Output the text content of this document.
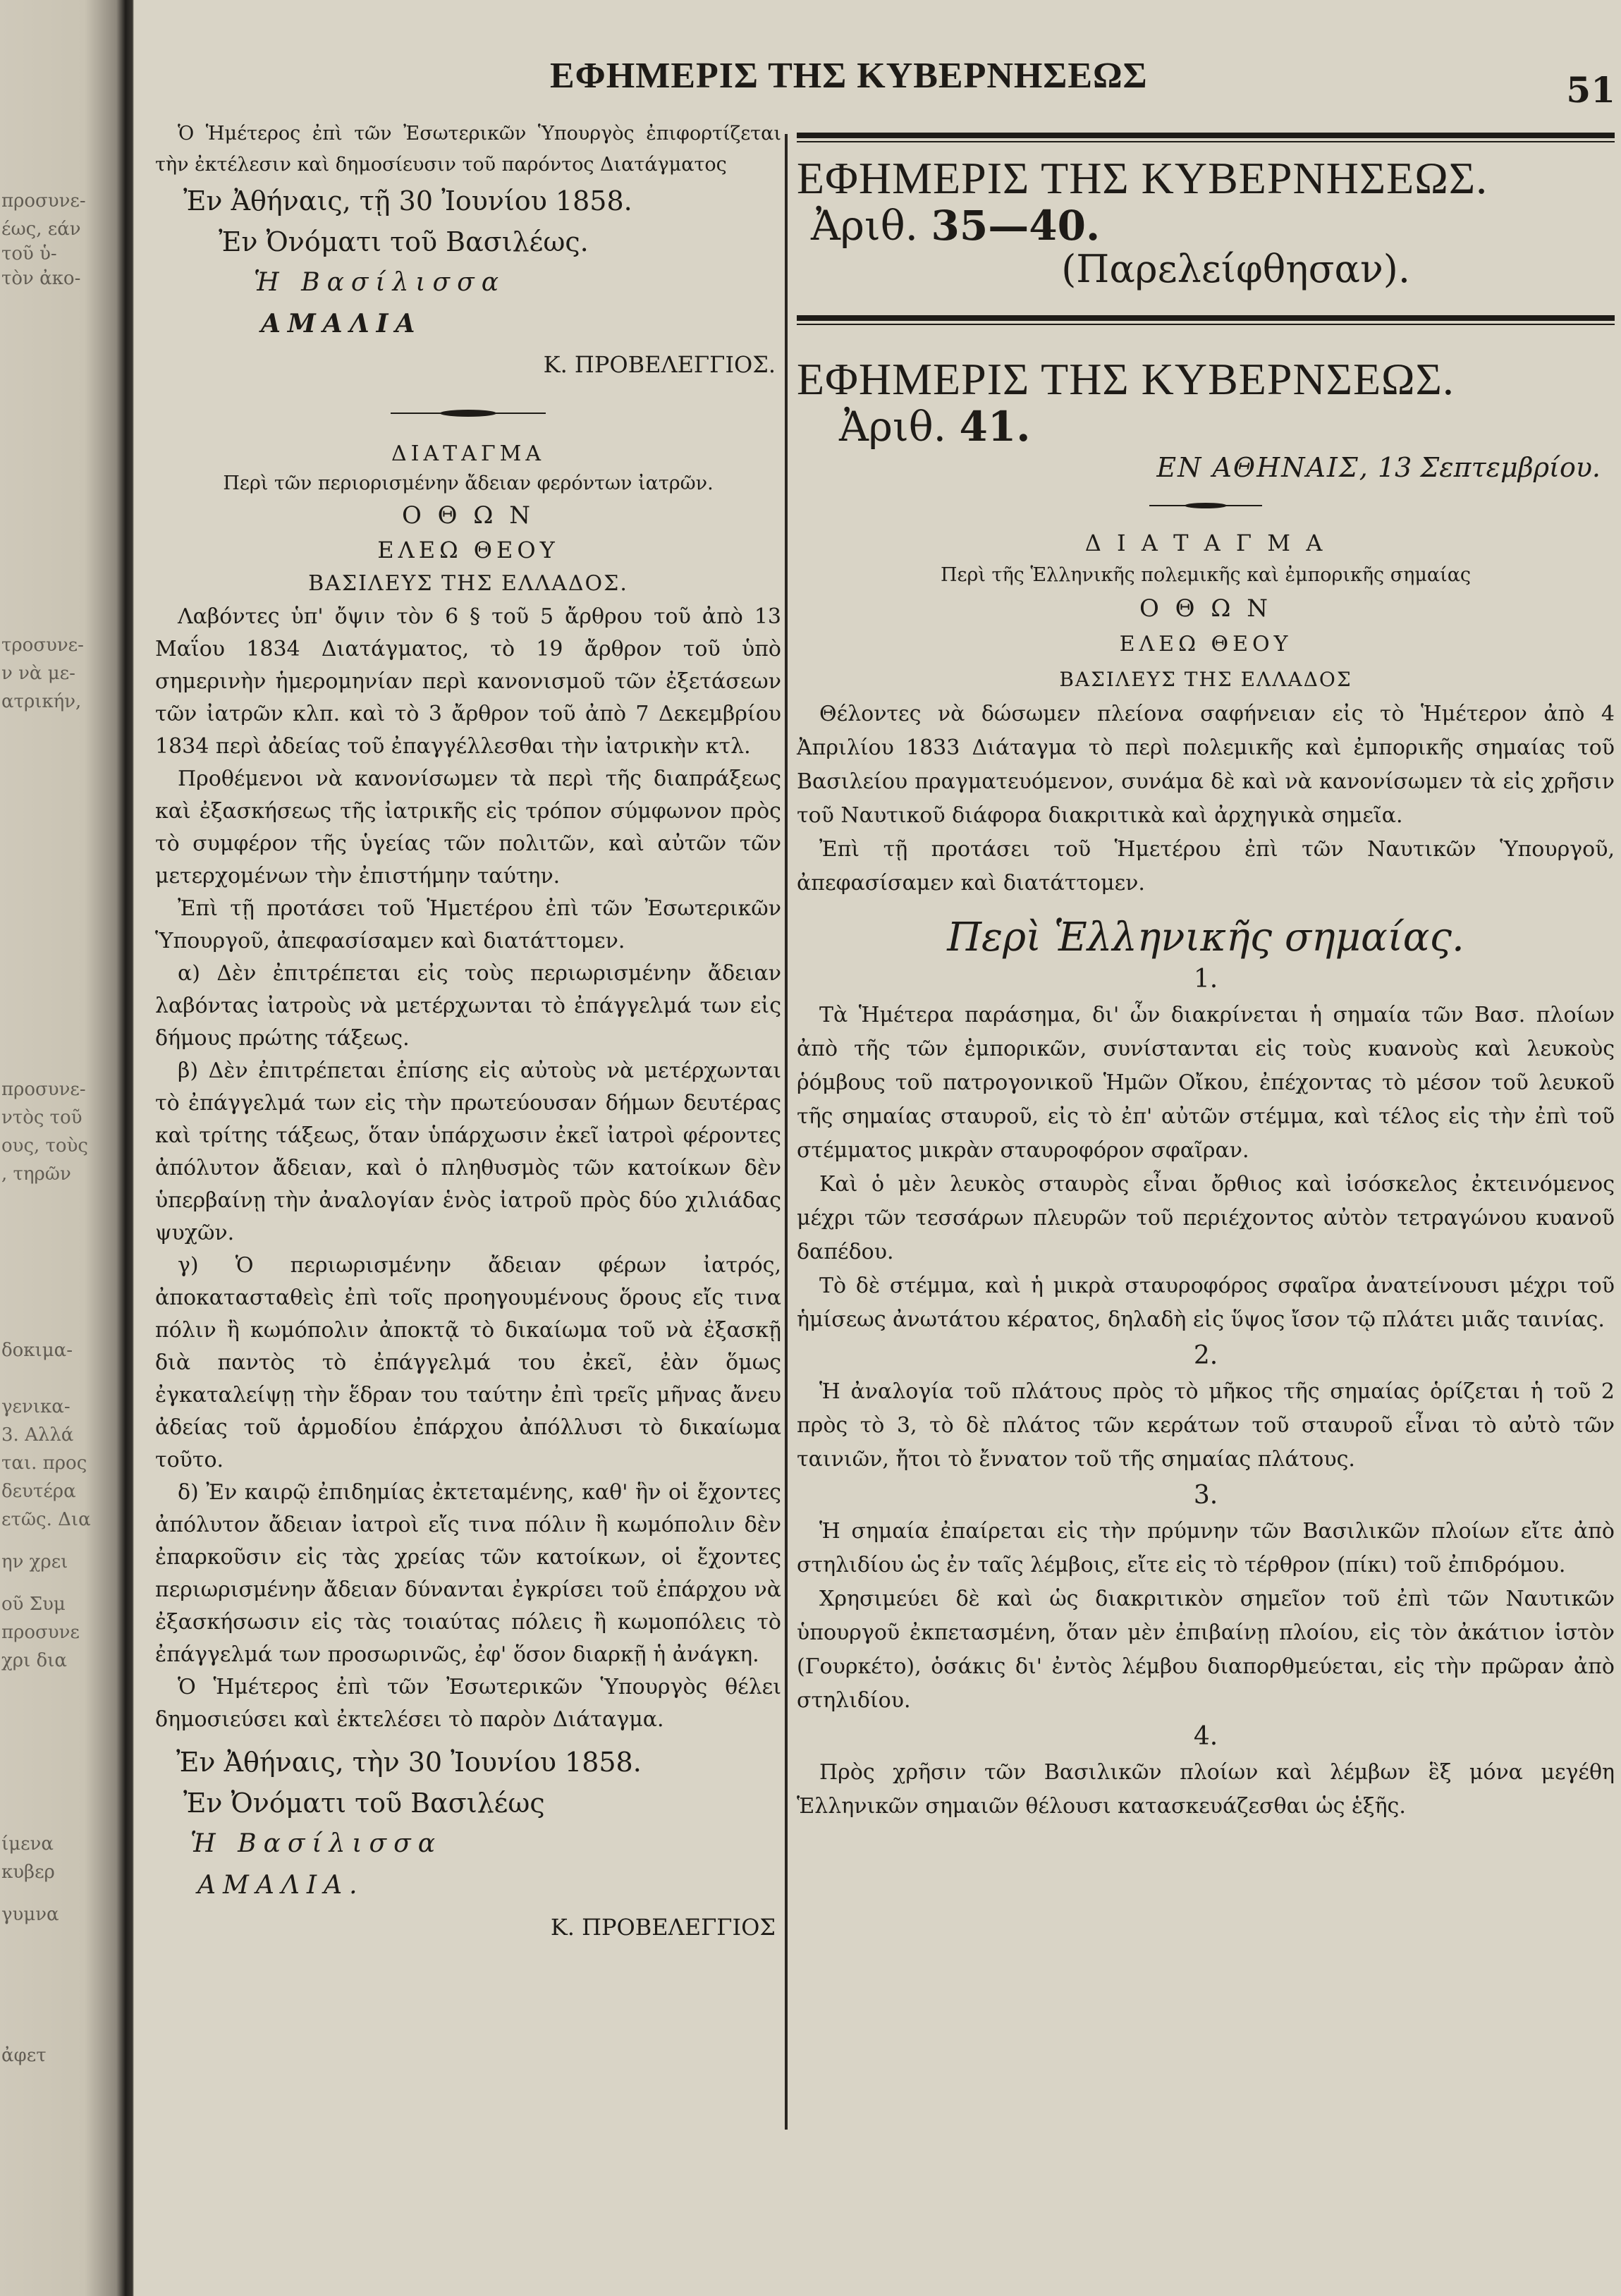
προσυνε-
έως, εάν
τοῦ ὑ-
τὸν ἀκο-
τροσυνε-
ν νὰ με-
ατρικήν,
προσυνε-
ντὸς τοῦ
ους, τοὺς
, τηρῶν
δοκιμα-
γενικα-
3. Αλλά
ται. προς
δευτέρα
ετῶς. Δια
ην χρει
οῦ Συμ
προσυνε
χρι δια
ίμενα
κυβερ
γυμνα
ἀφετ
ΕΦΗΜΕΡΙΣ ΤΗΣ ΚΥΒΕΡΝΗΣΕΩΣ	51

Ὁ Ἡμέτερος ἐπὶ τῶν Ἐσωτερικῶν Ὑπουργὸς ἐπιφορτίζεται τὴν ἐκτέλεσιν καὶ δημοσίευσιν τοῦ παρόντος Διατάγματος

Ἐν Ἀθήναις, τῇ 30 Ἰουνίου 1858.

Ἐν Ὀνόματι τοῦ Βασιλέως.

Ἡ Βασίλισσα

ΑΜΑΛΙΑ

Κ. ΠΡΟΒΕΛΕΓΓΙΟΣ.

ΔΙΑΤΑΓΜΑ

Περὶ τῶν περιορισμένην ἄδειαν φερόντων ἰατρῶν.

Ο Θ Ω Ν

ΕΛΕΩ ΘΕΟΥ

ΒΑΣΙΛΕΥΣ ΤΗΣ ΕΛΛΑΔΟΣ.

Λαβόντες ὑπ' ὄψιν τὸν 6 § τοῦ 5 ἄρθρου τοῦ ἀπὸ 13 Μαΐου 1834 Διατάγματος, τὸ 19 ἄρθρον τοῦ ὑπὸ σημερινὴν ἡμερομηνίαν περὶ κανονισμοῦ τῶν ἐξετάσεων τῶν ἰατρῶν κλπ. καὶ τὸ 3 ἄρθρον τοῦ ἀπὸ 7 Δεκεμβρίου 1834 περὶ ἀδείας τοῦ ἐπαγγέλλεσθαι τὴν ἰατρικὴν κτλ.

Προθέμενοι νὰ κανονίσωμεν τὰ περὶ τῆς διαπράξεως καὶ ἐξασκήσεως τῆς ἰατρικῆς εἰς τρόπον σύμφωνον πρὸς τὸ συμφέρον τῆς ὑγείας τῶν πολιτῶν, καὶ αὐτῶν τῶν μετερχομένων τὴν ἐπιστήμην ταύτην.

Ἐπὶ τῇ προτάσει τοῦ Ἡμετέρου ἐπὶ τῶν Ἐσωτερικῶν Ὑπουργοῦ, ἀπεφασίσαμεν καὶ διατάττομεν.

α) Δὲν ἐπιτρέπεται εἰς τοὺς περιωρισμένην ἄδειαν λαβόντας ἰατροὺς νὰ μετέρχωνται τὸ ἐπάγγελμά των εἰς δήμους πρώτης τάξεως.

β) Δὲν ἐπιτρέπεται ἐπίσης εἰς αὐτοὺς νὰ μετέρχωνται τὸ ἐπάγγελμά των εἰς τὴν πρωτεύουσαν δήμων δευτέρας καὶ τρίτης τάξεως, ὅταν ὑπάρχωσιν ἐκεῖ ἰατροὶ φέροντες ἀπόλυτον ἄδειαν, καὶ ὁ πληθυσμὸς τῶν κατοίκων δὲν ὑπερβαίνῃ τὴν ἀναλογίαν ἑνὸς ἰατροῦ πρὸς δύο χιλιάδας ψυχῶν.

γ) Ὁ περιωρισμένην ἄδειαν φέρων ἰατρός, ἀποκατασταθεὶς ἐπὶ τοῖς προηγουμένους ὅρους εἴς τινα πόλιν ἢ κωμόπολιν ἀποκτᾷ τὸ δικαίωμα τοῦ νὰ ἐξασκῇ διὰ παντὸς τὸ ἐπάγγελμά του ἐκεῖ, ἐὰν ὅμως ἐγκαταλείψῃ τὴν ἕδραν του ταύτην ἐπὶ τρεῖς μῆνας ἄνευ ἀδείας τοῦ ἁρμοδίου ἐπάρχου ἀπόλλυσι τὸ δικαίωμα τοῦτο.

δ) Ἐν καιρῷ ἐπιδημίας ἐκτεταμένης, καθ' ἣν οἱ ἔχοντες ἀπόλυτον ἄδειαν ἰατροὶ εἴς τινα πόλιν ἢ κωμόπολιν δὲν ἐπαρκοῦσιν εἰς τὰς χρείας τῶν κατοίκων, οἱ ἔχοντες περιωρισμένην ἄδειαν δύνανται ἐγκρίσει τοῦ ἐπάρχου νὰ ἐξασκήσωσιν εἰς τὰς τοιαύτας πόλεις ἢ κωμοπόλεις τὸ ἐπάγγελμά των προσωρινῶς, ἐφ' ὅσον διαρκῇ ἡ ἀνάγκη.

Ὁ Ἡμέτερος ἐπὶ τῶν Ἐσωτερικῶν Ὑπουργὸς θέλει δημοσιεύσει καὶ ἐκτελέσει τὸ παρὸν Διάταγμα.

Ἐν Ἀθήναις, τὴν 30 Ἰουνίου 1858.

Ἐν Ὀνόματι τοῦ Βασιλέως

Ἡ Βασίλισσα

ΑΜΑΛΙΑ.

Κ. ΠΡΟΒΕΛΕΓΓΙΟΣ

ΕΦΗΜΕΡΙΣ ΤΗΣ ΚΥΒΕΡΝΗΣΕΩΣ.

Ἀριθ. 35—40.

(Παρελείφθησαν).

ΕΦΗΜΕΡΙΣ ΤΗΣ ΚΥΒΕΡΝΣΕΩΣ.

Ἀριθ. 41.

ΕΝ ΑΘΗΝΑΙΣ, 13 Σεπτεμβρίου.

Δ Ι Α Τ Α Γ Μ Α

Περὶ τῆς Ἑλληνικῆς πολεμικῆς καὶ ἐμπορικῆς σημαίας

Ο Θ Ω Ν

ΕΛΕΩ ΘΕΟΥ

ΒΑΣΙΛΕΥΣ ΤΗΣ ΕΛΛΑΔΟΣ

Θέλοντες νὰ δώσωμεν πλείονα σαφήνειαν εἰς τὸ Ἡμέτερον ἀπὸ 4 Ἀπριλίου 1833 Διάταγμα τὸ περὶ πολεμικῆς καὶ ἐμπορικῆς σημαίας τοῦ Βασιλείου πραγματευόμενον, συνάμα δὲ καὶ νὰ κανονίσωμεν τὰ εἰς χρῆσιν τοῦ Ναυτικοῦ διάφορα διακριτικὰ καὶ ἀρχηγικὰ σημεῖα.

Ἐπὶ τῇ προτάσει τοῦ Ἡμετέρου ἐπὶ τῶν Ναυτικῶν Ὑπουργοῦ, ἀπεφασίσαμεν καὶ διατάττομεν.

Περὶ Ἑλληνικῆς σημαίας.

1.

Τὰ Ἡμέτερα παράσημα, δι' ὧν διακρίνεται ἡ σημαία τῶν Βασ. πλοίων ἀπὸ τῆς τῶν ἐμπορικῶν, συνίστανται εἰς τοὺς κυανοὺς καὶ λευκοὺς ῥόμβους τοῦ πατρογονικοῦ Ἡμῶν Οἴκου, ἐπέχοντας τὸ μέσον τοῦ λευκοῦ τῆς σημαίας σταυροῦ, εἰς τὸ ἐπ' αὐτῶν στέμμα, καὶ τέλος εἰς τὴν ἐπὶ τοῦ στέμματος μικρὰν σταυροφόρον σφαῖραν.

Καὶ ὁ μὲν λευκὸς σταυρὸς εἶναι ὄρθιος καὶ ἰσόσκελος ἐκτεινόμενος μέχρι τῶν τεσσάρων πλευρῶν τοῦ περιέχοντος αὐτὸν τετραγώνου κυανοῦ δαπέδου.

Τὸ δὲ στέμμα, καὶ ἡ μικρὰ σταυροφόρος σφαῖρα ἀνατείνουσι μέχρι τοῦ ἡμίσεως ἀνωτάτου κέρατος, δηλαδὴ εἰς ὕψος ἴσον τῷ πλάτει μιᾶς ταινίας.

2.

Ἡ ἀναλογία τοῦ πλάτους πρὸς τὸ μῆκος τῆς σημαίας ὁρίζεται ἡ τοῦ 2 πρὸς τὸ 3, τὸ δὲ πλάτος τῶν κεράτων τοῦ σταυροῦ εἶναι τὸ αὐτὸ τῶν ταινιῶν, ἤτοι τὸ ἔννατον τοῦ τῆς σημαίας πλάτους.

3.

Ἡ σημαία ἐπαίρεται εἰς τὴν πρύμνην τῶν Βασιλικῶν πλοίων εἴτε ἀπὸ στηλιδίου ὡς ἐν ταῖς λέμβοις, εἴτε εἰς τὸ τέρθρον (πίκι) τοῦ ἐπιδρόμου.

Χρησιμεύει δὲ καὶ ὡς διακριτικὸν σημεῖον τοῦ ἐπὶ τῶν Ναυτικῶν ὑπουργοῦ ἐκπετασμένη, ὅταν μὲν ἐπιβαίνῃ πλοίου, εἰς τὸν ἀκάτιον ἱστὸν (Γουρκέτο), ὁσάκις δι' ἐντὸς λέμβου διαπορθμεύεται, εἰς τὴν πρῶραν ἀπὸ στηλιδίου.

4.

Πρὸς χρῆσιν τῶν Βασιλικῶν πλοίων καὶ λέμβων ἓξ μόνα μεγέθη Ἑλληνικῶν σημαιῶν θέλουσι κατασκευάζεσθαι ὡς ἑξῆς.
